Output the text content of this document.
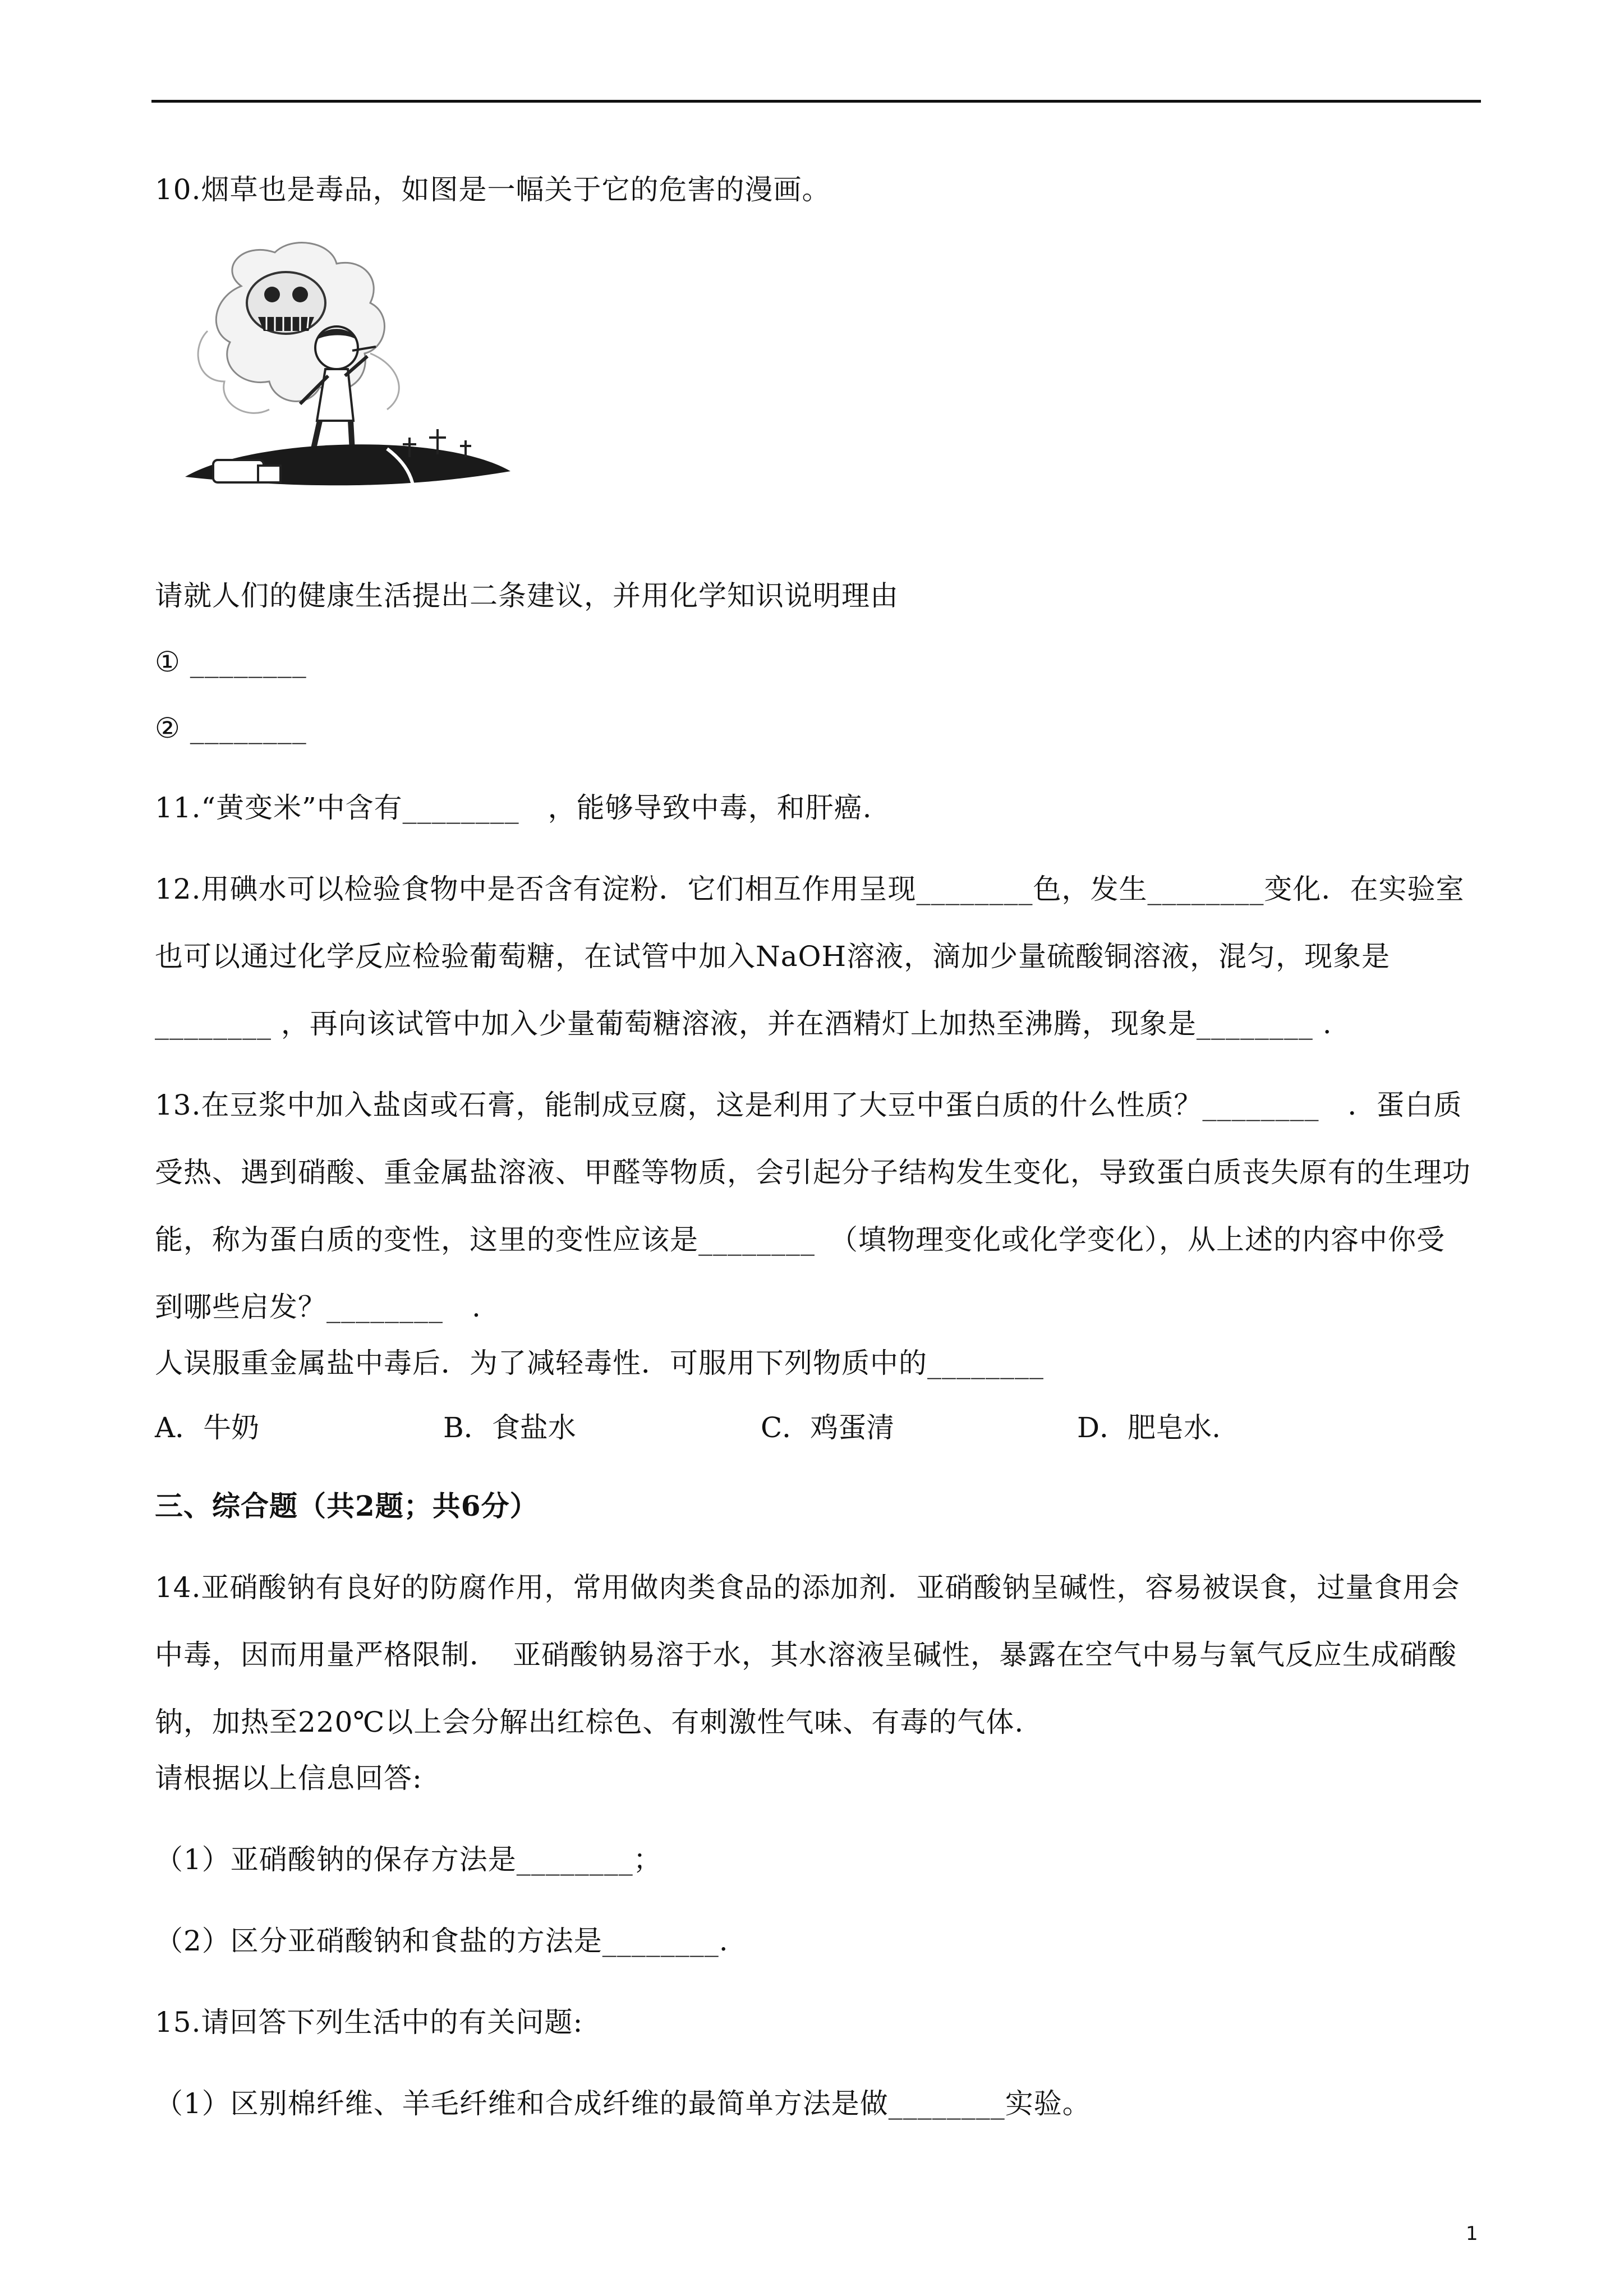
10.烟草也是毒品，如图是一幅关于它的危害的漫画。
请就人们的健康生活提出二条建议，并用化学知识说明理由
① ________
② ________
11.“黄变米”中含有________　，能够导致中毒，和肝癌.
12.用碘水可以检验食物中是否含有淀粉．它们相互作用呈现________色，发生________变化．在实验室
也可以通过化学反应检验葡萄糖，在试管中加入NaOH溶液，滴加少量硫酸铜溶液，混匀，现象是
________ ，再向该试管中加入少量葡萄糖溶液，并在酒精灯上加热至沸腾，现象是________ .
13.在豆浆中加入盐卤或石膏，能制成豆腐，这是利用了大豆中蛋白质的什么性质？________　．蛋白质
受热、遇到硝酸、重金属盐溶液、甲醛等物质，会引起分子结构发生变化，导致蛋白质丧失原有的生理功
能，称为蛋白质的变性，这里的变性应该是________　（填物理变化或化学变化），从上述的内容中你受
到哪些启发？________　.
人误服重金属盐中毒后．为了减轻毒性．可服用下列物质中的________
A．牛奶	B．食盐水	C．鸡蛋清	D．肥皂水.
三、综合题（共2题；共6分）
14.亚硝酸钠有良好的防腐作用，常用做肉类食品的添加剂．亚硝酸钠呈碱性，容易被误食，过量食用会
中毒，因而用量严格限制．　亚硝酸钠易溶于水，其水溶液呈碱性，暴露在空气中易与氧气反应生成硝酸
钠，加热至220℃以上会分解出红棕色、有刺激性气味、有毒的气体.
请根据以上信息回答:
（1）亚硝酸钠的保存方法是________；
（2）区分亚硝酸钠和食盐的方法是________.
15.请回答下列生活中的有关问题:
（1）区别棉纤维、羊毛纤维和合成纤维的最简单方法是做________实验。
1
